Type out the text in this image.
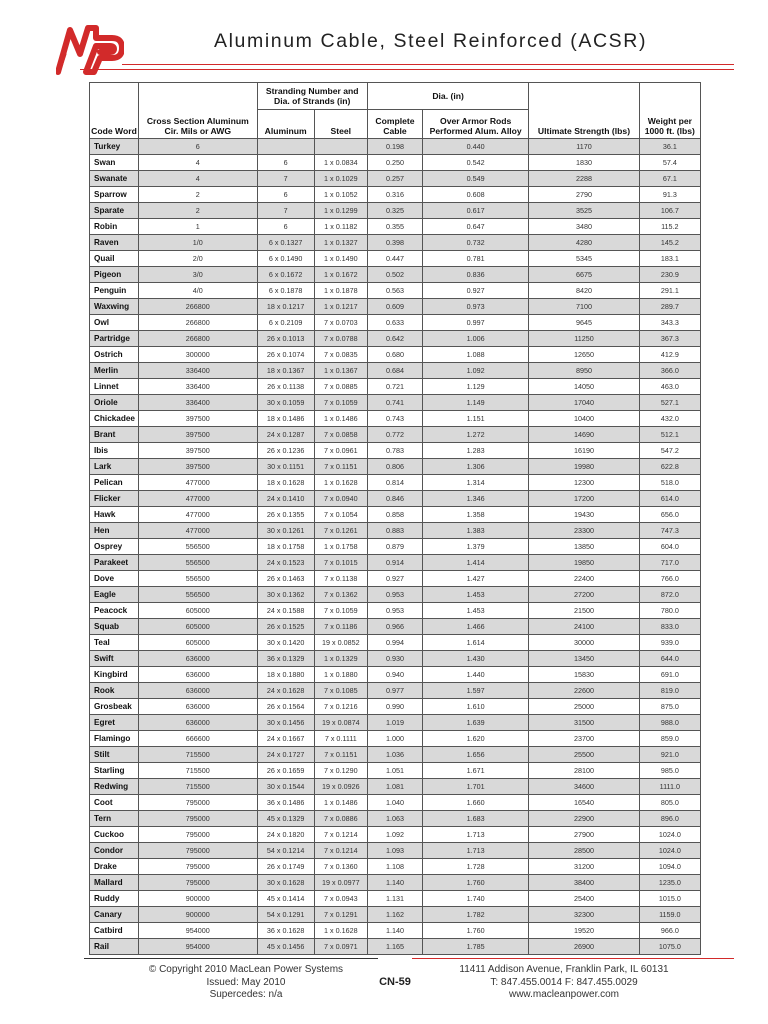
Aluminum Cable, Steel Reinforced (ACSR)
Code Word	Cross Section Aluminum Cir. Mils or AWG	Stranding Number and Dia. of Strands (in)		Dia. (in)		Ultimate Strength (lbs)	Weight per 1000 ft. (lbs)
		Aluminum	Steel	Complete Cable	Over Armor Rods Performed Alum. Alloy		
Turkey	6			0.198	0.440	1170	36.1
Swan	4	6	1 x 0.0834	0.250	0.542	1830	57.4
Swanate	4	7	1 x 0.1029	0.257	0.549	2288	67.1
Sparrow	2	6	1 x 0.1052	0.316	0.608	2790	91.3
Sparate	2	7	1 x 0.1299	0.325	0.617	3525	106.7
Robin	1	6	1 x 0.1182	0.355	0.647	3480	115.2
Raven	1/0	6 x 0.1327	1 x 0.1327	0.398	0.732	4280	145.2
Quail	2/0	6 x 0.1490	1 x 0.1490	0.447	0.781	5345	183.1
Pigeon	3/0	6 x 0.1672	1 x 0.1672	0.502	0.836	6675	230.9
Penguin	4/0	6 x 0.1878	1 x 0.1878	0.563	0.927	8420	291.1
Waxwing	266800	18 x 0.1217	1 x 0.1217	0.609	0.973	7100	289.7
Owl	266800	6 x 0.2109	7 x 0.0703	0.633	0.997	9645	343.3
Partridge	266800	26 x 0.1013	7 x 0.0788	0.642	1.006	11250	367.3
Ostrich	300000	26 x 0.1074	7 x 0.0835	0.680	1.088	12650	412.9
Merlin	336400	18 x 0.1367	1 x 0.1367	0.684	1.092	8950	366.0
Linnet	336400	26 x 0.1138	7 x 0.0885	0.721	1.129	14050	463.0
Oriole	336400	30 x 0.1059	7 x 0.1059	0.741	1.149	17040	527.1
Chickadee	397500	18 x 0.1486	1 x 0.1486	0.743	1.151	10400	432.0
Brant	397500	24 x 0.1287	7 x 0.0858	0.772	1.272	14690	512.1
Ibis	397500	26 x 0.1236	7 x 0.0961	0.783	1.283	16190	547.2
Lark	397500	30 x 0.1151	7 x 0.1151	0.806	1.306	19980	622.8
Pelican	477000	18 x 0.1628	1 x 0.1628	0.814	1.314	12300	518.0
Flicker	477000	24 x 0.1410	7 x 0.0940	0.846	1.346	17200	614.0
Hawk	477000	26 x 0.1355	7 x 0.1054	0.858	1.358	19430	656.0
Hen	477000	30 x 0.1261	7 x 0.1261	0.883	1.383	23300	747.3
Osprey	556500	18 x 0.1758	1 x 0.1758	0.879	1.379	13850	604.0
Parakeet	556500	24 x 0.1523	7 x 0.1015	0.914	1.414	19850	717.0
Dove	556500	26 x 0.1463	7 x 0.1138	0.927	1.427	22400	766.0
Eagle	556500	30 x 0.1362	7 x 0.1362	0.953	1.453	27200	872.0
Peacock	605000	24 x 0.1588	7 x 0.1059	0.953	1.453	21500	780.0
Squab	605000	26 x 0.1525	7 x 0.1186	0.966	1.466	24100	833.0
Teal	605000	30 x 0.1420	19 x 0.0852	0.994	1.614	30000	939.0
Swift	636000	36 x 0.1329	1 x 0.1329	0.930	1.430	13450	644.0
Kingbird	636000	18 x 0.1880	1 x 0.1880	0.940	1.440	15830	691.0
Rook	636000	24 x 0.1628	7 x 0.1085	0.977	1.597	22600	819.0
Grosbeak	636000	26 x 0.1564	7 x 0.1216	0.990	1.610	25000	875.0
Egret	636000	30 x 0.1456	19 x 0.0874	1.019	1.639	31500	988.0
Flamingo	666600	24 x 0.1667	7 x 0.1111	1.000	1.620	23700	859.0
Stilt	715500	24 x 0.1727	7 x 0.1151	1.036	1.656	25500	921.0
Starling	715500	26 x 0.1659	7 x 0.1290	1.051	1.671	28100	985.0
Redwing	715500	30 x 0.1544	19 x 0.0926	1.081	1.701	34600	1111.0
Coot	795000	36 x 0.1486	1 x 0.1486	1.040	1.660	16540	805.0
Tern	795000	45 x 0.1329	7 x 0.0886	1.063	1.683	22900	896.0
Cuckoo	795000	24 x 0.1820	7 x 0.1214	1.092	1.713	27900	1024.0
Condor	795000	54 x 0.1214	7 x 0.1214	1.093	1.713	28500	1024.0
Drake	795000	26 x 0.1749	7 x 0.1360	1.108	1.728	31200	1094.0
Mallard	795000	30 x 0.1628	19 x 0.0977	1.140	1.760	38400	1235.0
Ruddy	900000	45 x 0.1414	7 x 0.0943	1.131	1.740	25400	1015.0
Canary	900000	54 x 0.1291	7 x 0.1291	1.162	1.782	32300	1159.0
Catbird	954000	36 x 0.1628	1 x 0.1628	1.140	1.760	19520	966.0
Rail	954000	45 x 0.1456	7 x 0.0971	1.165	1.785	26900	1075.0
© Copyright 2010 MacLean Power Systems
Issued: May 2010
Supercedes: n/a
CN-59
11411 Addison Avenue, Franklin Park, IL 60131
T: 847.455.0014 F: 847.455.0029
www.macleanpower.com
